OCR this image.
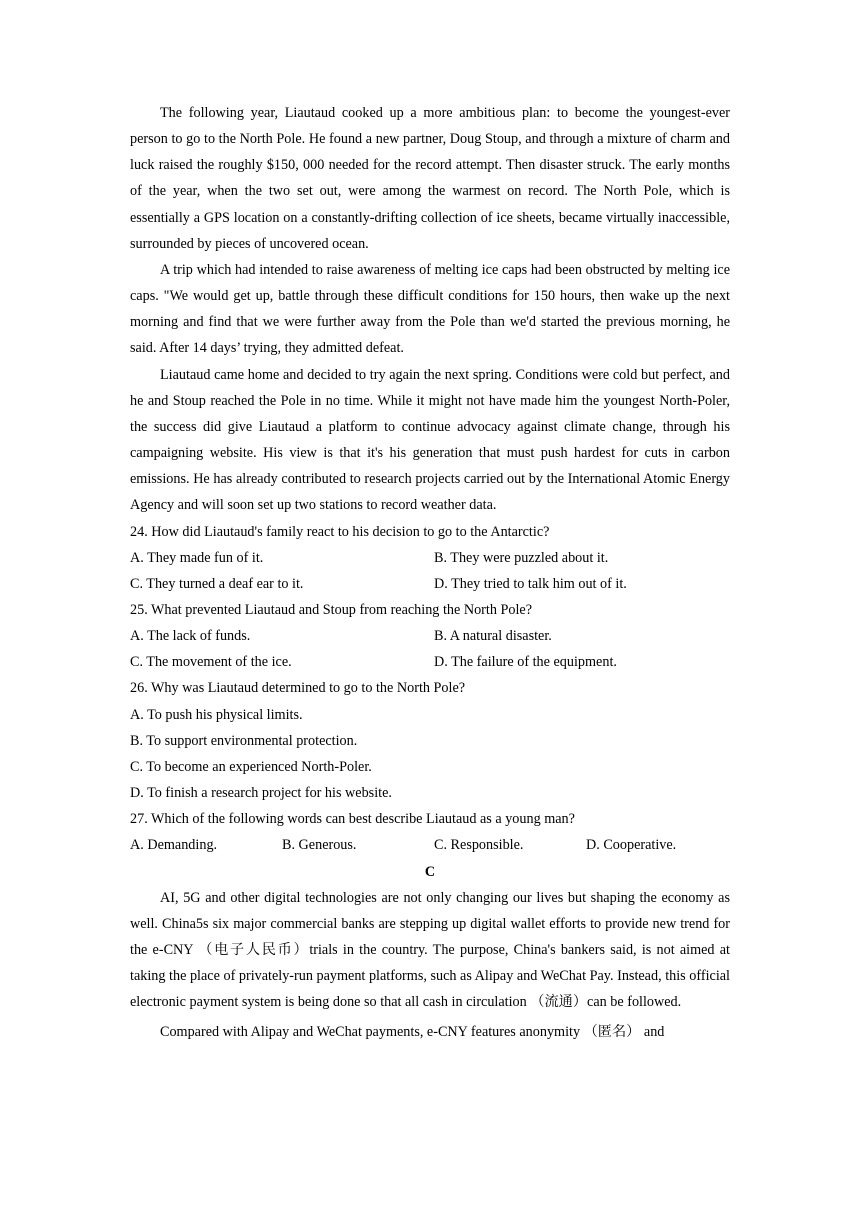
The following year, Liautaud cooked up a more ambitious plan: to become the youngest-ever person to go to the North Pole. He found a new partner, Doug Stoup, and through a mixture of charm and luck raised the roughly $150, 000 needed for the record attempt. Then disaster struck. The early months of the year, when the two set out, were among the warmest on record. The North Pole, which is essentially a GPS location on a constantly-drifting collection of ice sheets, became virtually inaccessible, surrounded by pieces of uncovered ocean.

A trip which had intended to raise awareness of melting ice caps had been obstructed by melting ice caps. "We would get up, battle through these difficult conditions for 150 hours, then wake up the next morning and find that we were further away from the Pole than we'd started the previous morning, he said. After 14 days’ trying, they admitted defeat.

Liautaud came home and decided to try again the next spring. Conditions were cold but perfect, and he and Stoup reached the Pole in no time. While it might not have made him the youngest North-Poler, the success did give Liautaud a platform to continue advocacy against climate change, through his campaigning website. His view is that it's his generation that must push hardest for cuts in carbon emissions. He has already contributed to research projects carried out by the International Atomic Energy Agency and will soon set up two stations to record weather data.

24. How did Liautaud's family react to his decision to go to the Antarctic?
A. They made fun of it.	B. They were puzzled about it.
C. They turned a deaf ear to it.	D. They tried to talk him out of it.
25. What prevented Liautaud and Stoup from reaching the North Pole?
A. The lack of funds.	B. A natural disaster.
C. The movement of the ice.	D. The failure of the equipment.
26. Why was Liautaud determined to go to the North Pole?
A. To push his physical limits.
B. To support environmental protection.
C. To become an experienced North-Poler.
D. To finish a research project for his website.
27. Which of the following words can best describe Liautaud as a young man?
A. Demanding.	B. Generous.	C. Responsible.	D. Cooperative.
C

AI, 5G and other digital technologies are not only changing our lives but shaping the economy as well. China5s six major commercial banks are stepping up digital wallet efforts to provide new trend for the e-CNY （电子人民币）trials in the country. The purpose, China's bankers said, is not aimed at taking the place of privately-run payment platforms, such as Alipay and WeChat Pay. Instead, this official electronic payment system is being done so that all cash in circulation （流通）can be followed.

Compared with Alipay and WeChat payments, e-CNY features anonymity （匿名） and
